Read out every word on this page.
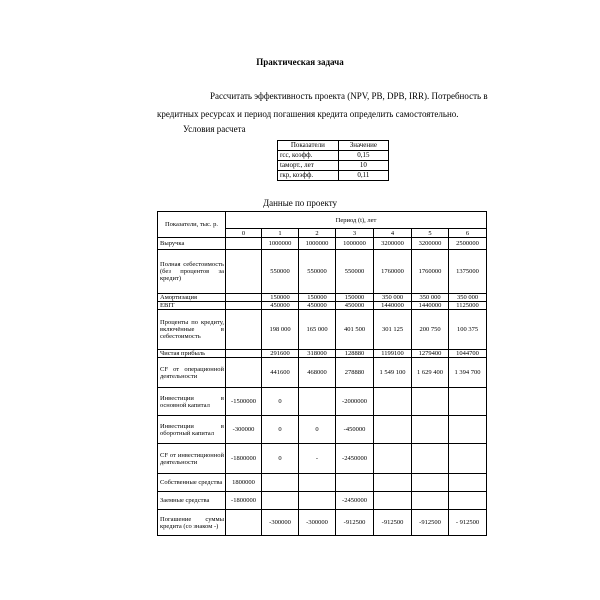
Практическая задача
Рассчитать эффективность проекта (NPV, PB, DPB, IRR). Потребность в
кредитных ресурсах и период погашения кредита определить самостоятельно.
Условия расчета
Показатели	Значение
rсс, коэфф.	0,15
tаморт., лет	10
rкр, коэфф.	0,11
Данные по проекту
Показатели, тыс. р.	Период (t), лет						
	0	1	2	3	4	5	6
Выручка		1000000	1000000	1000000	3200000	3200000	2500000
Полная себестоимость (без процентов за кредит)		550000	550000	550000	1760000	1760000	1375000
Амортизация		150000	150000	150000	350 000	350 000	350 000
EBIT		450000	450000	450000	1440000	1440000	1125000
Проценты по кредиту, включённые в себестоимость		198 000	165 000	401 500	301 125	200 750	100 375
Чистая прибыль		291600	318000	128880	1199100	1279400	1044700
CF от операционной деятельности		441600	468000	278880	1 549 100	1 629 400	1 394 700
Инвестиции в основной капитал	-1500000	0		-2000000			
Инвестиции в оборотный капитал	-300000	0	0	-450000			
CF от инвестиционной деятельности	-1800000	0	-	-2450000			
Собственные средства	1800000						
Заемные средства	-1800000			-2450000			
Погашение суммы кредита (со знаком -)		-300000	-300000	-912500	-912500	-912500	- 912500
